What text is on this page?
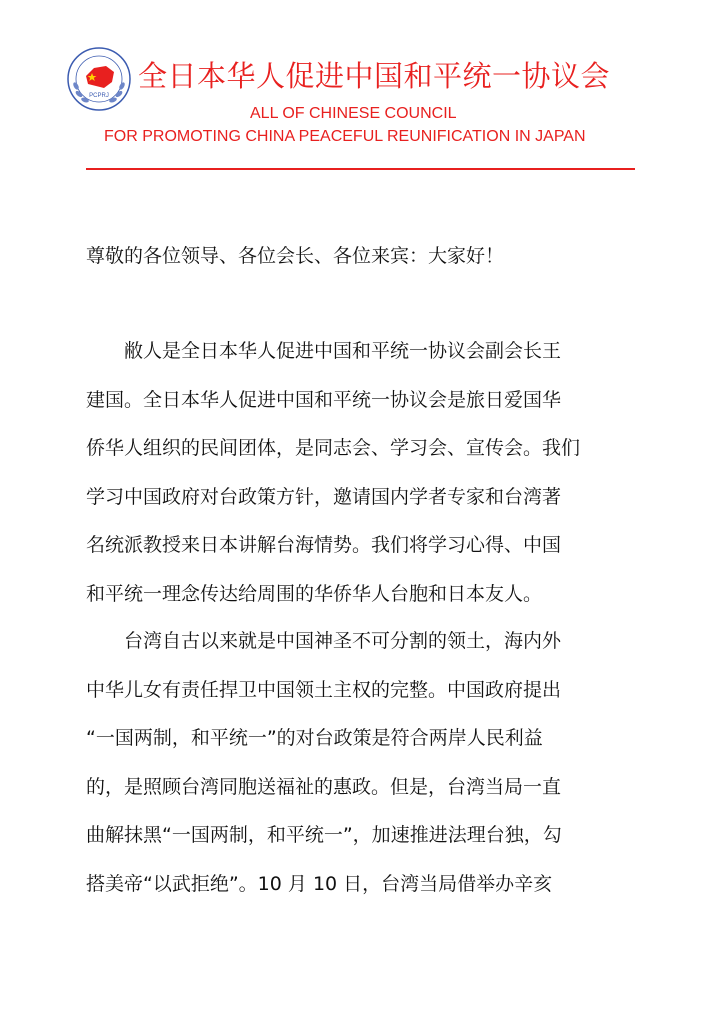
PCPRJ
全日本华人促进中国和平统一协议会
ALL OF CHINESE COUNCIL
FOR PROMOTING CHINA PEACEFUL REUNIFICATION IN JAPAN
尊敬的各位领导、各位会长、各位来宾：大家好！
　　敝人是全日本华人促进中国和平统一协议会副会长王
建国。全日本华人促进中国和平统一协议会是旅日爱国华
侨华人组织的民间团体，是同志会、学习会、宣传会。我们
学习中国政府对台政策方针，邀请国内学者专家和台湾著
名统派教授来日本讲解台海情势。我们将学习心得、中国
和平统一理念传达给周围的华侨华人台胞和日本友人。
　　台湾自古以来就是中国神圣不可分割的领土，海内外
中华儿女有责任捍卫中国领土主权的完整。中国政府提出
“一国两制，和平统一”的对台政策是符合两岸人民利益
的，是照顾台湾同胞送福祉的惠政。但是，台湾当局一直
曲解抹黑“一国两制，和平统一”，加速推进法理台独，勾
搭美帝“以武拒绝”。10 月 10 日，台湾当局借举办辛亥
